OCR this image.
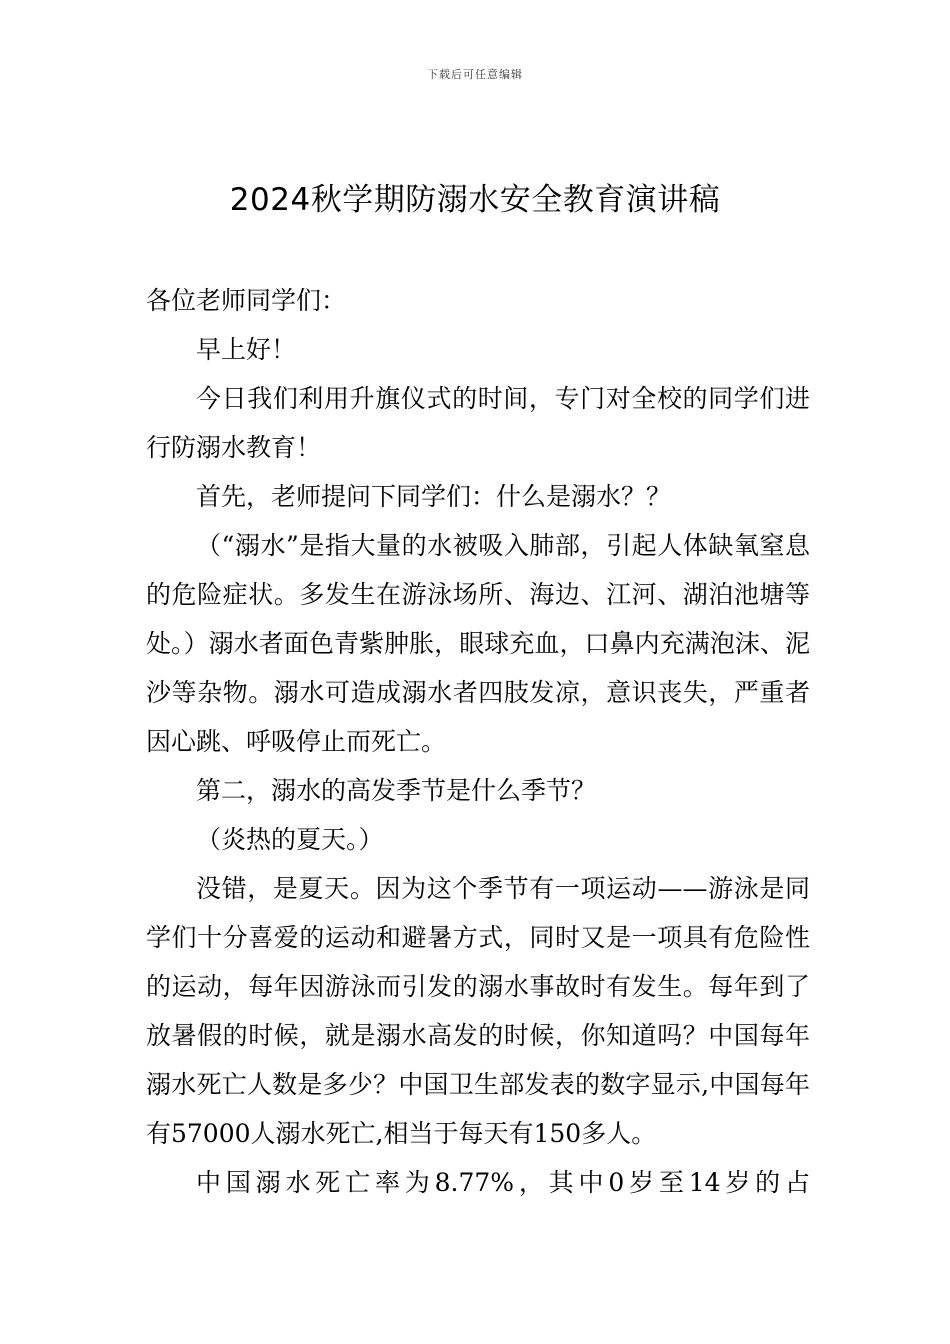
下载后可任意编辑
2024秋学期防溺水安全教育演讲稿

各位老师同学们：

早上好！

今日我们利用升旗仪式的时间，专门对全校的同学们进行防溺水教育！

首先，老师提问下同学们：什么是溺水？？

（“溺水”是指大量的水被吸入肺部，引起人体缺氧窒息的危险症状。多发生在游泳场所、海边、江河、湖泊池塘等处。）溺水者面色青紫肿胀，眼球充血，口鼻内充满泡沫、泥沙等杂物。溺水可造成溺水者四肢发凉，意识丧失，严重者因心跳、呼吸停止而死亡。

第二，溺水的高发季节是什么季节？

（炎热的夏天。）

没错，是夏天。因为这个季节有一项运动——游泳是同学们十分喜爱的运动和避暑方式，同时又是一项具有危险性的运动，每年因游泳而引发的溺水事故时有发生。每年到了放暑假的时候，就是溺水高发的时候，你知道吗？中国每年溺水死亡人数是多少？中国卫生部发表的数字显示,中国每年有57000人溺水死亡,相当于每天有150多人。

中国溺水死亡率为8.77%，其中0岁至14岁的占
